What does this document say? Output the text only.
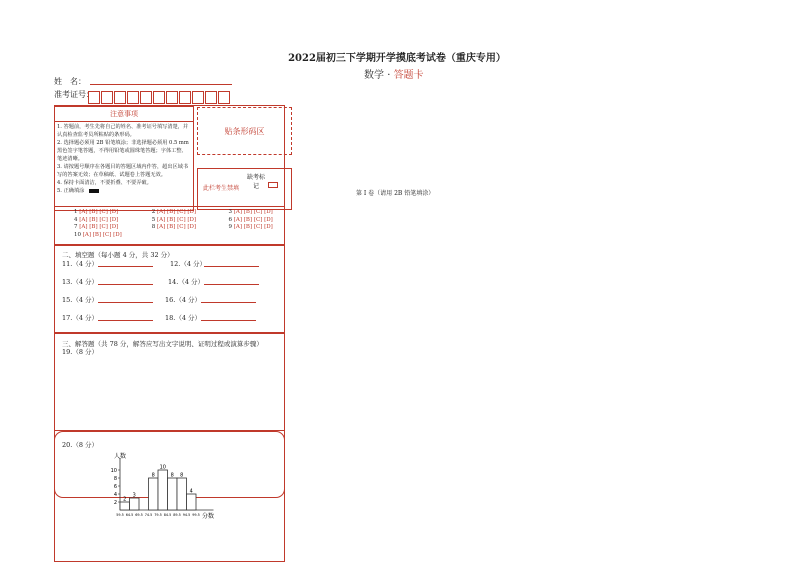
2022届初三下学期开学摸底考试卷（重庆专用）
数学 · 答题卡
姓　名：
准考证号：
注意事项
1. 答题前，考生先将自己的姓名、准考证号填写清楚，并认真检查监考员所粘贴的条形码。
2. 选择题必须用 2B 铅笔填涂；非选择题必须用 0.5 mm 黑色签字笔答题，不得用铅笔或圆珠笔答题；字体工整、笔迹清晰。
3. 请按题号顺序在各题目的答题区域内作答，超出区域书写的答案无效；在草稿纸、试题卷上答题无效。
4. 保持卡面清洁，不要折叠、不要弄破。
5. 正确填涂
贴条形码区
此栏考生禁填
缺考标记
第 I 卷（请用 2B 铅笔填涂）
1 [A] [B] [C] [D]	2 [A] [B] [C] [D]	3 [A] [B] [C] [D]
4 [A] [B] [C] [D]	5 [A] [B] [C] [D]	6 [A] [B] [C] [D]
7 [A] [B] [C] [D]	8 [A] [B] [C] [D]	9 [A] [B] [C] [D]
10 [A] [B] [C] [D]
二、填空题（每小题 4 分，共 32 分）
11.（4 分）	12.（4 分）
13.（4 分）	14.（4 分）
15.（4 分）	16.（4 分）
17.（4 分）	18.（4 分）
三、解答题（共 78 分，解答应写出文字说明、证明过程或演算步骤）
19.（8 分）
20.（8 分）
人数
分数
2
4
6
8
10
2
3
8
10
8 8
4
59.5 64.5 69.5 74.5 79.5 84.5 89.5 94.5 99.5
